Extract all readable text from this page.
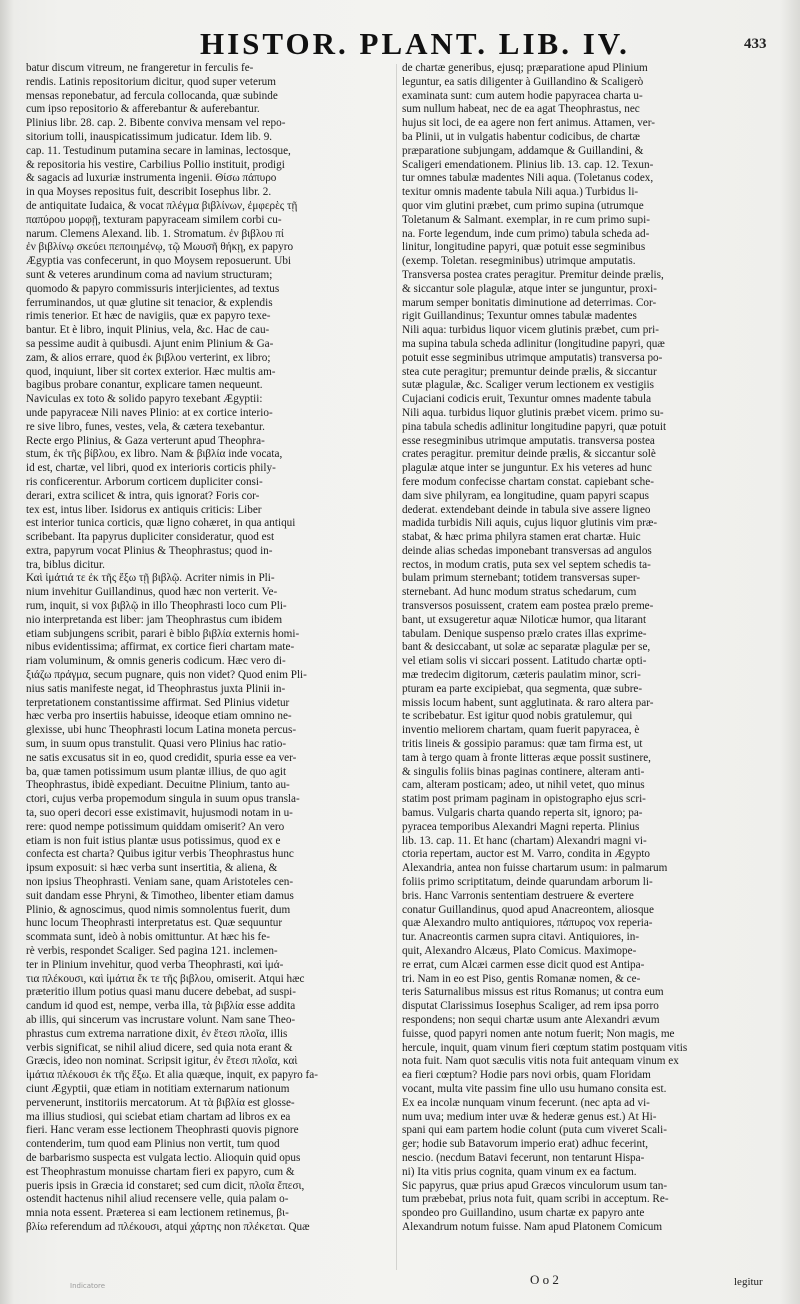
HISTOR. PLANT. LIB. IV.	433
batur discum vitreum, ne frangeretur in ferculis fe-
rendis. Latinis repositorium dicitur, quod super veterum
mensas reponebatur, ad fercula collocanda, quæ subinde
cum ipso repositorio & afferebantur & auferebantur.
Plinius libr. 28. cap. 2. Bibente conviva mensam vel repo-
sitorium tolli, inauspicatissimum judicatur. Idem lib. 9.
cap. 11. Testudinum putamina secare in laminas, lectosque,
& repositoria his vestire, Carbilius Pollio instituit, prodigi
& sagacis ad luxuriæ instrumenta ingenii. Θίσω πάπυρο
in qua Moyses repositus fuit, describit Iosephus libr. 2.
de antiquitate Iudaica, & vocat πλέγμα βιβλίνων, ἐμφερὲς τῇ
παπύρου μορφῇ, texturam papyraceam similem corbi cu-
narum. Clemens Alexand. lib. 1. Stromatum. ἐν βιβλου πί
ἐν βιβλίνῳ σκεύει πεποιημένῳ, τῷ Μωυσῆ θήκῃ, ex papyro
Ægyptia vas confecerunt, in quo Moysem reposuerunt. Ubi
sunt & veteres arundinum coma ad navium structuram;
quomodo & papyro commissuris interjicientes, ad textus
ferruminandos, ut quæ glutine sit tenacior, & explendis
rimis tenerior. Et hæc de navigiis, quæ ex papyro texe-
bantur. Et è libro, inquit Plinius, vela, &c. Hac de cau-
sa pessime audit à quibusdi. Ajunt enim Plinium & Ga-
zam, & alios errare, quod ἐκ βιβλου verterint, ex libro;
quod, inquiunt, liber sit cortex exterior. Hæc multis am-
bagibus probare conantur, explicare tamen nequeunt.
Naviculas ex toto & solido papyro texebant Ægyptii:
unde papyraceæ Nili naves Plinio: at ex cortice interio-
re sive libro, funes, vestes, vela, & cætera texebantur.
Recte ergo Plinius, & Gaza verterunt apud Theophra-
stum, ἐκ τῆς βίβλου, ex libro. Nam & βιβλία inde vocata,
id est, chartæ, vel libri, quod ex interioris corticis phily-
ris conficerentur. Arborum corticem dupliciter consi-
derari, extra scilicet & intra, quis ignorat? Foris cor-
tex est, intus liber. Isidorus ex antiquis criticis: Liber
est interior tunica corticis, quæ ligno cohæret, in qua antiqui
scribebant. Ita papyrus dupliciter consideratur, quod est
extra, papyrum vocat Plinius & Theophrastus; quod in-
tra, biblus dicitur.
Καὶ ἱμάτιά τε ἐκ τῆς ἔξω τῇ βιβλῷ. Acriter nimis in Pli-
nium invehitur Guillandinus, quod hæc non verterit. Ve-
rum, inquit, si vox βιβλῷ in illo Theophrasti loco cum Pli-
nio interpretanda est liber: jam Theophrastus cum ibidem
etiam subjungens scribit, parari è biblo βιβλία externis homi-
nibus evidentissima; affirmat, ex cortice fieri chartam mate-
riam voluminum, & omnis generis codicum. Hæc vero di-
ξιάζω πράγμα, secum pugnare, quis non videt? Quod enim Pli-
nius satis manifeste negat, id Theophrastus juxta Plinii in-
terpretationem constantissime affirmat. Sed Plinius videtur
hæc verba pro insertiis habuisse, ideoque etiam omnino ne-
glexisse, ubi hunc Theophrasti locum Latina moneta percus-
sum, in suum opus transtulit. Quasi vero Plinius hac ratio-
ne satis excusatus sit in eo, quod credidit, spuria esse ea ver-
ba, quæ tamen potissimum usum plantæ illius, de quo agit
Theophrastus, ibidè expediant. Decuitne Plinium, tanto au-
ctori, cujus verba propemodum singula in suum opus transla-
ta, suo operi decori esse existimavit, hujusmodi notam in u-
rere: quod nempe potissimum quiddam omiserit? An vero
etiam is non fuit istius plantæ usus potissimus, quod ex e
confecta est charta? Quibus igitur verbis Theophrastus hunc
ipsum exposuit: si hæc verba sunt insertitia, & aliena, &
non ipsius Theophrasti. Veniam sane, quam Aristoteles cen-
suit dandam esse Phryni, & Timotheo, libenter etiam damus
Plinio, & agnoscimus, quod nimis somnolentus fuerit, dum
hunc locum Theophrasti interpretatus est. Quæ sequuntur
scommata sunt, ideò à nobis omittuntur. At hæc his fe-
rè verbis, respondet Scaliger. Sed pagina 121. inclemen-
ter in Plinium invehitur, quod verba Theophrasti, καὶ ἱμά-
τια πλέκουσι, καὶ ἱμάτια ἔκ τε τῆς βιβλου, omiserit. Atqui hæc
præteritio illum potius quasi manu ducere debebat, ad suspi-
candum id quod est, nempe, verba illa, τὰ βιβλία esse addita
ab illis, qui sincerum vas incrustare volunt. Nam sane Theo-
phrastus cum extrema narratione dixit, ἐν ἔτεσι πλοῖα, illis
verbis significat, se nihil aliud dicere, sed quia nota erant &
Græcis, ideo non nominat. Scripsit igitur, ἐν ἔτεσι πλοῖα, καὶ
ἱμάτια πλέκουσι ἐκ τῆς ἔξω. Et alia quæque, inquit, ex papyro fa-
ciunt Ægyptii, quæ etiam in notitiam externarum nationum
pervenerunt, institoriis mercatorum. At τὰ βιβλία est glosse-
ma illius studiosi, qui sciebat etiam chartam ad libros ex ea
fieri. Hanc veram esse lectionem Theophrasti quovis pignore
contenderim, tum quod eam Plinius non vertit, tum quod
de barbarismo suspecta est vulgata lectio. Alioquin quid opus
est Theophrastum monuisse chartam fieri ex papyro, cum &
pueris ipsis in Græcia id constaret; sed cum dicit, πλοῖα ἔπεσι,
ostendit hactenus nihil aliud recensere velle, quia palam o-
mnia nota essent. Præterea si eam lectionem retinemus, βι-
βλίω referendum ad πλέκουσι, atqui χάρτης non πλέκεται. Quæ
de chartæ generibus, ejusq; præparatione apud Plinium
leguntur, ea satis diligenter à Guillandino & Scaligerò
examinata sunt: cum autem hodie papyracea charta u-
sum nullum habeat, nec de ea agat Theophrastus, nec
hujus sit loci, de ea agere non fert animus. Attamen, ver-
ba Plinii, ut in vulgatis habentur codicibus, de chartæ
præparatione subjungam, addamque & Guillandini, &
Scaligeri emendationem. Plinius lib. 13. cap. 12. Texun-
tur omnes tabulæ madentes Nili aqua. (Toletanus codex,
texitur omnis madente tabula Nili aqua.) Turbidus li-
quor vim glutini præbet, cum primo supina (utrumque
Toletanum & Salmant. exemplar, in re cum primo supi-
na. Forte legendum, inde cum primo) tabula scheda ad-
linitur, longitudine papyri, quæ potuit esse segminibus
(exemp. Toletan. resegminibus) utrimque amputatis.
Transversa postea crates peragitur. Premitur deinde prælis,
& siccantur sole plagulæ, atque inter se junguntur, proxi-
marum semper bonitatis diminutione ad deterrimas. Cor-
rigit Guillandinus; Texuntur omnes tabulæ madentes
Nili aqua: turbidus liquor vicem glutinis præbet, cum pri-
ma supina tabula scheda adlinitur (longitudine papyri, quæ
potuit esse segminibus utrimque amputatis) transversa po-
stea cute peragitur; premuntur deinde prælis, & siccantur
sutæ plagulæ, &c. Scaliger verum lectionem ex vestigiis
Cujaciani codicis eruit, Texuntur omnes madente tabula
Nili aqua. turbidus liquor glutinis præbet vicem. primo su-
pina tabula schedis adlinitur longitudine papyri, quæ potuit
esse resegminibus utrimque amputatis. transversa postea
crates peragitur. premitur deinde prælis, & siccantur solè
plagulæ atque inter se junguntur. Ex his veteres ad hunc
fere modum confecisse chartam constat. capiebant sche-
dam sive philyram, ea longitudine, quam papyri scapus
dederat. extendebant deinde in tabula sive assere ligneo
madida turbidis Nili aquis, cujus liquor glutinis vim præ-
stabat, & hæc prima philyra stamen erat chartæ. Huic
deinde alias schedas imponebant transversas ad angulos
rectos, in modum cratis, puta sex vel septem schedis ta-
bulam primum sternebant; totidem transversas super-
sternebant. Ad hunc modum stratus schedarum, cum
transversos posuissent, cratem eam postea prælo preme-
bant, ut exsugeretur aquæ Niloticæ humor, qua litarant
tabulam. Denique suspenso prælo crates illas exprime-
bant & desiccabant, ut solæ ac separatæ plagulæ per se,
vel etiam solis vi siccari possent. Latitudo chartæ opti-
mæ tredecim digitorum, cæteris paulatim minor, scri-
pturam ea parte excipiebat, qua segmenta, quæ subre-
missis locum habent, sunt agglutinata. & raro altera par-
te scribebatur. Est igitur quod nobis gratulemur, qui
inventio meliorem chartam, quam fuerit papyracea, è
tritis lineis & gossipio paramus: quæ tam firma est, ut
tam à tergo quam à fronte litteras æque possit sustinere,
& singulis foliis binas paginas continere, alteram anti-
cam, alteram posticam; adeo, ut nihil vetet, quo minus
statim post primam paginam in opistographo ejus scri-
bamus. Vulgaris charta quando reperta sit, ignoro; pa-
pyracea temporibus Alexandri Magni reperta. Plinius
lib. 13. cap. 11. Et hanc (chartam) Alexandri magni vi-
ctoria repertam, auctor est M. Varro, condita in Ægypto
Alexandria, antea non fuisse chartarum usum: in palmarum
foliis primo scriptitatum, deinde quarundam arborum li-
bris. Hanc Varronis sententiam destruere & evertere
conatur Guillandinus, quod apud Anacreontem, aliosque
quæ Alexandro multo antiquiores, πάπυρος vox reperia-
tur. Anacreontis carmen supra citavi. Antiquiores, in-
quit, Alexandro Alcæus, Plato Comicus. Maximope-
re errat, cum Alcæi carmen esse dicit quod est Antipa-
tri. Nam in eo est Piso, gentis Romanæ nomen, & ce-
teris Saturnalibus missus est ritus Romanus; ut contra eum
disputat Clarissimus Iosephus Scaliger, ad rem ipsa porro
respondens; non sequi chartæ usum ante Alexandri ævum
fuisse, quod papyri nomen ante notum fuerit; Non magis, me
hercule, inquit, quam vinum fieri cœptum statim postquam vitis
nota fuit. Nam quot sæculis vitis nota fuit antequam vinum ex
ea fieri cœptum? Hodie pars novi orbis, quam Floridam
vocant, multa vite passim fine ullo usu humano consita est.
Ex ea incolæ nunquam vinum fecerunt. (nec apta ad vi-
num uva; medium inter uvæ & hederæ genus est.) At Hi-
spani qui eam partem hodie colunt (puta cum viveret Scali-
ger; hodie sub Batavorum imperio erat) adhuc fecerint,
nescio. (necdum Batavi fecerunt, non tentarunt Hispa-
ni) Ita vitis prius cognita, quam vinum ex ea factum.
Sic papyrus, quæ prius apud Græcos vinculorum usum tan-
tum præbebat, prius nota fuit, quam scribi in acceptum. Re-
spondeo pro Guillandino, usum chartæ ex papyro ante
Alexandrum notum fuisse. Nam apud Platonem Comicum
Indicatore	O o 2	legitur
